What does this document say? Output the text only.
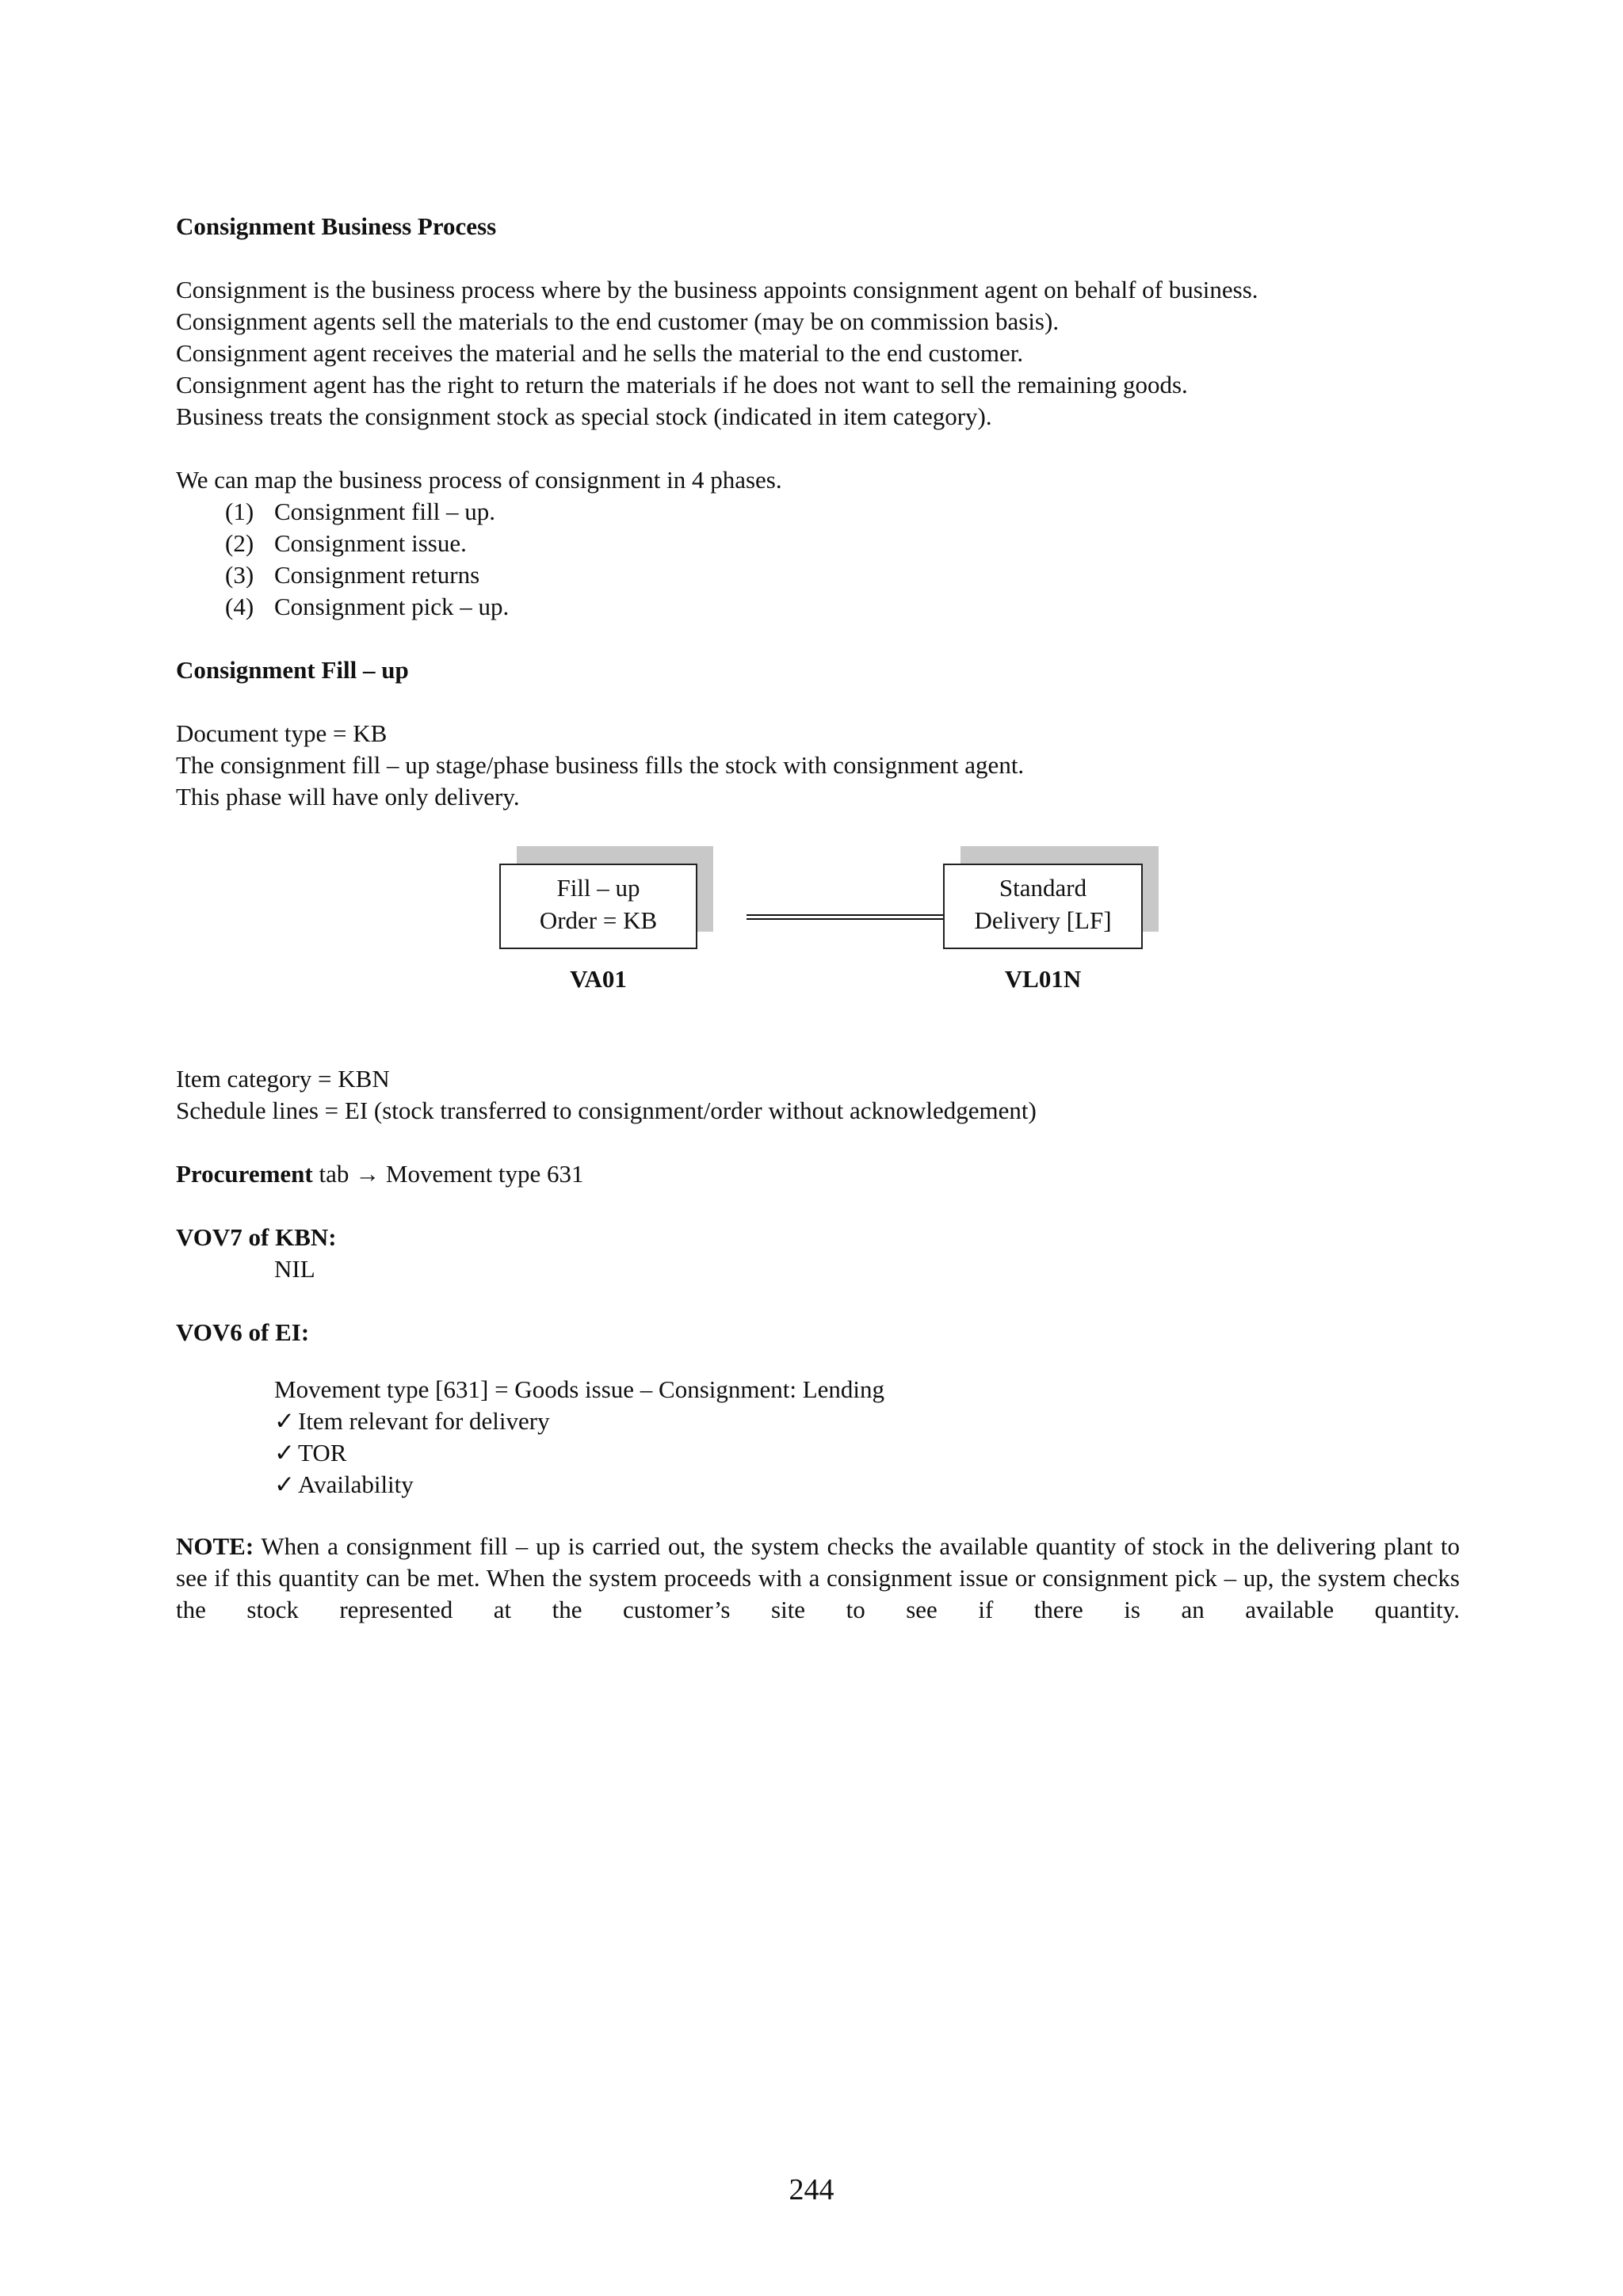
Consignment Business Process
Consignment is the business process where by the business appoints consignment agent on behalf of business.
Consignment agents sell the materials to the end customer (may be on commission basis).
Consignment agent receives the material and he sells the material to the end customer.
Consignment agent has the right to return the materials if he does not want to sell the remaining goods.
Business treats the consignment stock as special stock (indicated in item category).
We can map the business process of consignment in 4 phases.
(1) Consignment fill – up.
(2) Consignment issue.
(3) Consignment returns
(4) Consignment pick – up.
Consignment Fill – up
Document type = KB
The consignment fill – up stage/phase business fills the stock with consignment agent.
This phase will have only delivery.
Fill – up
Order = KB
VA01
Standard
Delivery [LF]
VL01N
Item category = KBN
Schedule lines = EI (stock transferred to consignment/order without acknowledgement)
Procurement tab → Movement type 631
VOV7 of KBN:
NIL
VOV6 of EI:
Movement type [631] = Goods issue – Consignment: Lending
✓ Item relevant for delivery
✓ TOR
✓ Availability
NOTE: When a consignment fill – up is carried out, the system checks the available quantity of stock in the delivering plant to see if this quantity can be met. When the system proceeds with a consignment issue or consignment pick – up, the system checks the stock represented at the customer’s site to see if there is an available quantity.
244
